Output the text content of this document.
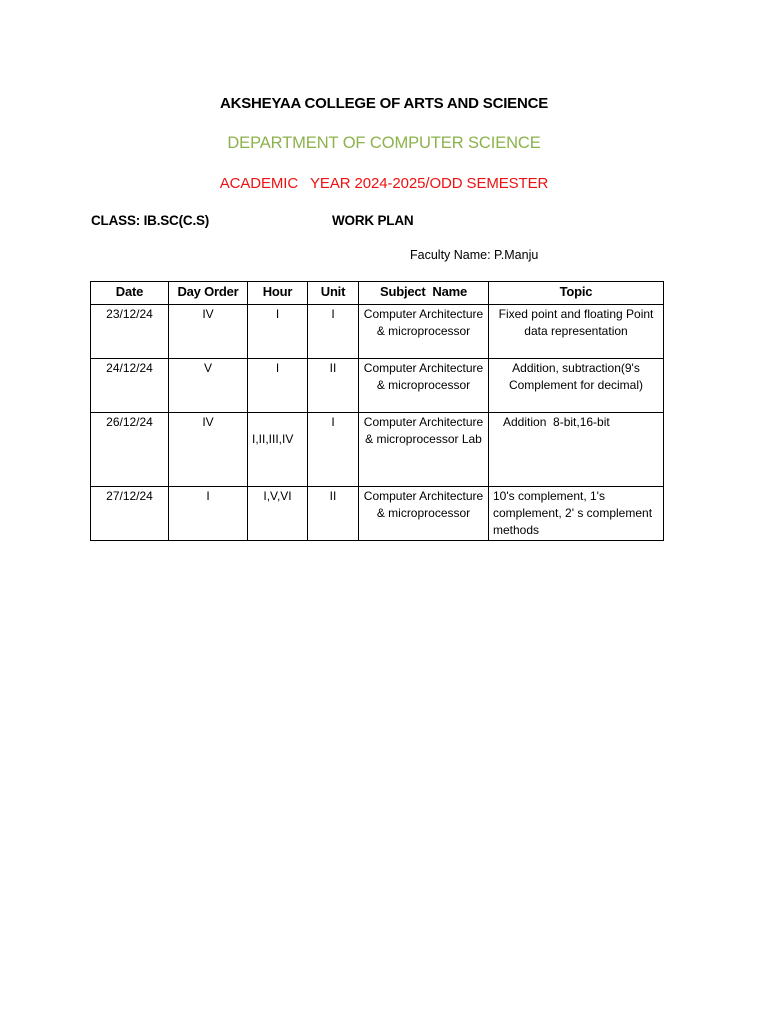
AKSHEYAA COLLEGE OF ARTS AND SCIENCE
DEPARTMENT OF COMPUTER SCIENCE
ACADEMIC   YEAR 2024-2025/ODD SEMESTER
CLASS: IB.SC(C.S)	WORK PLAN
Faculty Name: P.Manju
Date	Day Order	Hour	Unit	Subject  Name	Topic
23/12/24	IV	I	I	Computer Architecture & microprocessor	Fixed point and floating Point data representation
24/12/24	V	I	II	Computer Architecture & microprocessor	Addition, subtraction(9's Complement for decimal)
26/12/24	IV	I,II,III,IV	I	Computer Architecture & microprocessor Lab	Addition  8-bit,16-bit
27/12/24	I	I,V,VI	II	Computer Architecture & microprocessor	10's complement, 1's complement, 2' s complement methods
